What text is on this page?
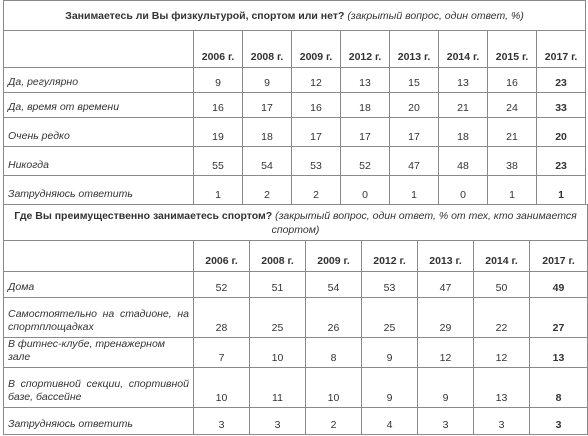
Занимаетесь ли Вы физкультурой, спортом или нет? (закрытый вопрос, один ответ, %)								
	2006 г.	2008 г.	2009 г.	2012 г.	2013 г.	2014 г.	2015 г.	2017 г.
Да, регулярно	9	9	12	13	15	13	16	23
Да, время от времени	16	17	16	18	20	21	24	33
Очень редко	19	18	17	17	17	18	21	20
Никогда	55	54	53	52	47	48	38	23
Затрудняюсь ответить	1	2	2	0	1	0	1	1
Где Вы преимущественно занимаетесь спортом? (закрытый вопрос, один ответ, % от тех, кто занимается спортом)							
	2006 г.	2008 г.	2009 г.	2012 г.	2013 г.	2014 г.	2017 г.
Дома	52	51	54	53	47	50	49
Самостоятельно на стадионе, на спортплощадках	28	25	26	25	29	22	27
В фитнес-клубе, тренажерном зале	7	10	8	9	12	12	13
В спортивной секции, спортивной базе, бассейне	10	11	10	9	9	13	8
Затрудняюсь ответить	3	3	2	4	3	3	3
